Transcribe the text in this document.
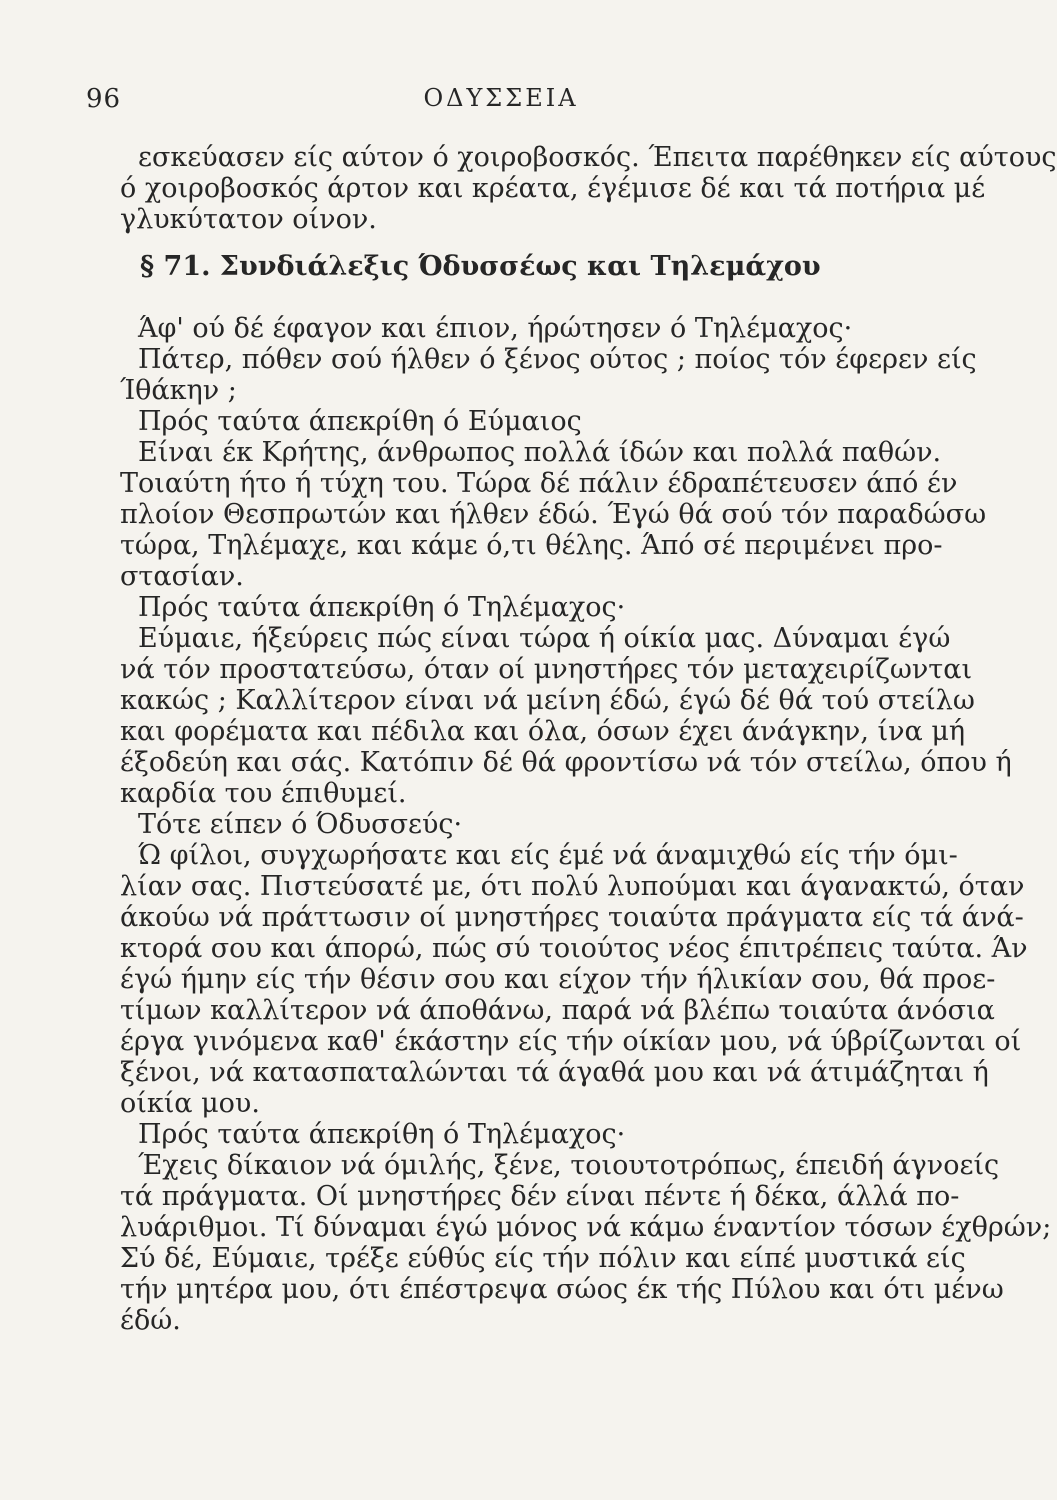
96	ΟΔΥΣΣΕΙΑ
εσκεύασεν είς αύτον ό χοιροβοσκός. Έπειτα παρέθηκεν είς αύτους
ό χοιροβοσκός άρτον και κρέατα, έγέμισε δέ και τά ποτήρια μέ
γλυκύτατον οίνον.
§ 71. Συνδιάλεξις Όδυσσέως και Τηλεμάχου
Άφ' ού δέ έφαγον και έπιον, ήρώτησεν ό Τηλέμαχος·
Πάτερ, πόθεν σού ήλθεν ό ξένος ούτος ; ποίος τόν έφερεν είς
Ίθάκην ;
Πρός ταύτα άπεκρίθη ό Εύμαιος
Είναι έκ Κρήτης, άνθρωπος πολλά ίδών και πολλά παθών.
Τοιαύτη ήτο ή τύχη του. Τώρα δέ πάλιν έδραπέτευσεν άπό έν
πλοίον Θεσπρωτών και ήλθεν έδώ. Έγώ θά σού τόν παραδώσω
τώρα, Τηλέμαχε, και κάμε ό,τι θέλης. Άπό σέ περιμένει προ-
στασίαν.
Πρός ταύτα άπεκρίθη ό Τηλέμαχος·
Εύμαιε, ήξεύρεις πώς είναι τώρα ή οίκία μας. Δύναμαι έγώ
νά τόν προστατεύσω, όταν οί μνηστήρες τόν μεταχειρίζωνται
κακώς ; Καλλίτερον είναι νά μείνη έδώ, έγώ δέ θά τού στείλω
και φορέματα και πέδιλα και όλα, όσων έχει άνάγκην, ίνα μή
έξοδεύη και σάς. Κατόπιν δέ θά φροντίσω νά τόν στείλω, όπου ή
καρδία του έπιθυμεί.
Τότε είπεν ό Όδυσσεύς·
Ώ φίλοι, συγχωρήσατε και είς έμέ νά άναμιχθώ είς τήν όμι-
λίαν σας. Πιστεύσατέ με, ότι πολύ λυπούμαι και άγανακτώ, όταν
άκούω νά πράττωσιν οί μνηστήρες τοιαύτα πράγματα είς τά άνά-
κτορά σου και άπορώ, πώς σύ τοιούτος νέος έπιτρέπεις ταύτα. Άν
έγώ ήμην είς τήν θέσιν σου και είχον τήν ήλικίαν σου, θά προε-
τίμων καλλίτερον νά άποθάνω, παρά νά βλέπω τοιαύτα άνόσια
έργα γινόμενα καθ' έκάστην είς τήν οίκίαν μου, νά ύβρίζωνται οί
ξένοι, νά κατασπαταλώνται τά άγαθά μου και νά άτιμάζηται ή
οίκία μου.
Πρός ταύτα άπεκρίθη ό Τηλέμαχος·
Έχεις δίκαιον νά όμιλής, ξένε, τοιουτοτρόπως, έπειδή άγνοείς
τά πράγματα. Οί μνηστήρες δέν είναι πέντε ή δέκα, άλλά πο-
λυάριθμοι. Τί δύναμαι έγώ μόνος νά κάμω έναντίον τόσων έχθρών;
Σύ δέ, Εύμαιε, τρέξε εύθύς είς τήν πόλιν και είπέ μυστικά είς
τήν μητέρα μου, ότι έπέστρεψα σώος έκ τής Πύλου και ότι μένω
έδώ.
